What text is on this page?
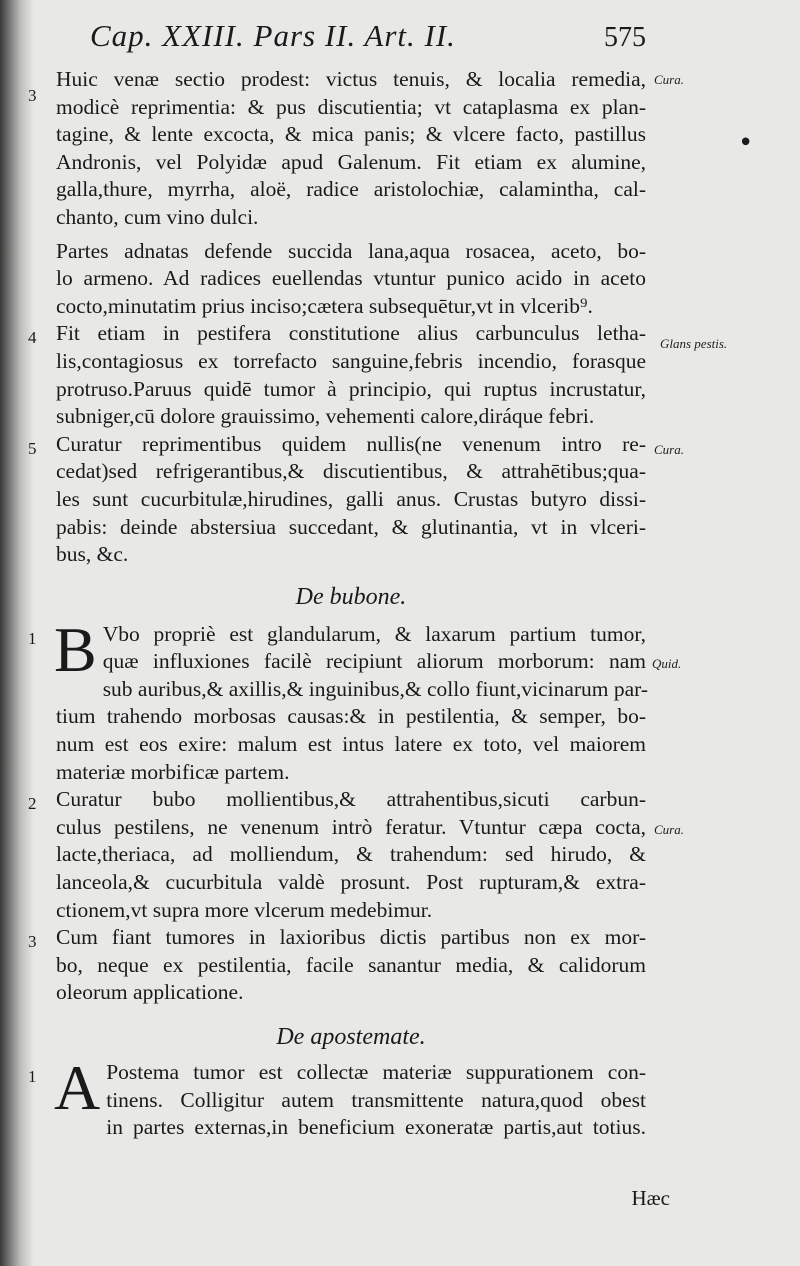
Cap. XXIII. Pars II. Art. II.	575
•
Cura.
Glans pestis.
Cura.
Quid.
Cura.
3
Huic venæ sectio prodest: victus tenuis, & localia remedia,
modicè reprimentia: & pus discutientia; vt cataplasma ex plan-
tagine, & lente excocta, & mica panis; & vlcere facto, pastillus
Andronis, vel Polyidæ apud Galenum. Fit etiam ex alumine,
galla,thure, myrrha, aloë, radice aristolochiæ, calamintha, cal-
chanto, cum vino dulci.
Partes adnatas defende succida lana,aqua rosacea, aceto, bo-
lo armeno. Ad radices euellendas vtuntur punico acido in aceto
cocto,minutatim prius inciso;cætera subsequētur,vt in vlcerib⁹.
4 Fit etiam in pestifera constitutione alius carbunculus letha-
lis,contagiosus ex torrefacto sanguine,febris incendio, forasque
protruso.Paruus quidē tumor à principio, qui ruptus incrustatur,
subniger,cū dolore grauissimo, vehementi calore,diráque febri.
5 Curatur reprimentibus quidem nullis(ne venenum intro re-
cedat)sed refrigerantibus,& discutientibus, & attrahētibus;qua-
les sunt cucurbitulæ,hirudines, galli anus. Crustas butyro dissi-
pabis: deinde abstersiua succedant, & glutinantia, vt in vlceri-
bus, &c.
De bubone.
1 B Vbo propriè est glandularum, & laxarum partium tumor,
quæ influxiones facilè recipiunt aliorum morborum: nam
sub auribus,& axillis,& inguinibus,& collo fiunt,vicinarum par-
tium trahendo morbosas causas:& in pestilentia, & semper, bo-
num est eos exire: malum est intus latere ex toto, vel maiorem
materiæ morbificæ partem.
2 Curatur bubo mollientibus,& attrahentibus,sicuti carbun-
culus pestilens, ne venenum intrò feratur. Vtuntur cæpa cocta,
lacte,theriaca, ad molliendum, & trahendum: sed hirudo, &
lanceola,& cucurbitula valdè prosunt. Post rupturam,& extra-
ctionem,vt supra more vlcerum medebimur.
3 Cum fiant tumores in laxioribus dictis partibus non ex mor-
bo, neque ex pestilentia, facile sanantur media, & calidorum
oleorum applicatione.
De apostemate.
1 A Postema tumor est collectæ materiæ suppurationem con-
tinens. Colligitur autem transmittente natura,quod obest
in partes externas,in beneficium exoneratæ partis,aut totius.
Hæc
